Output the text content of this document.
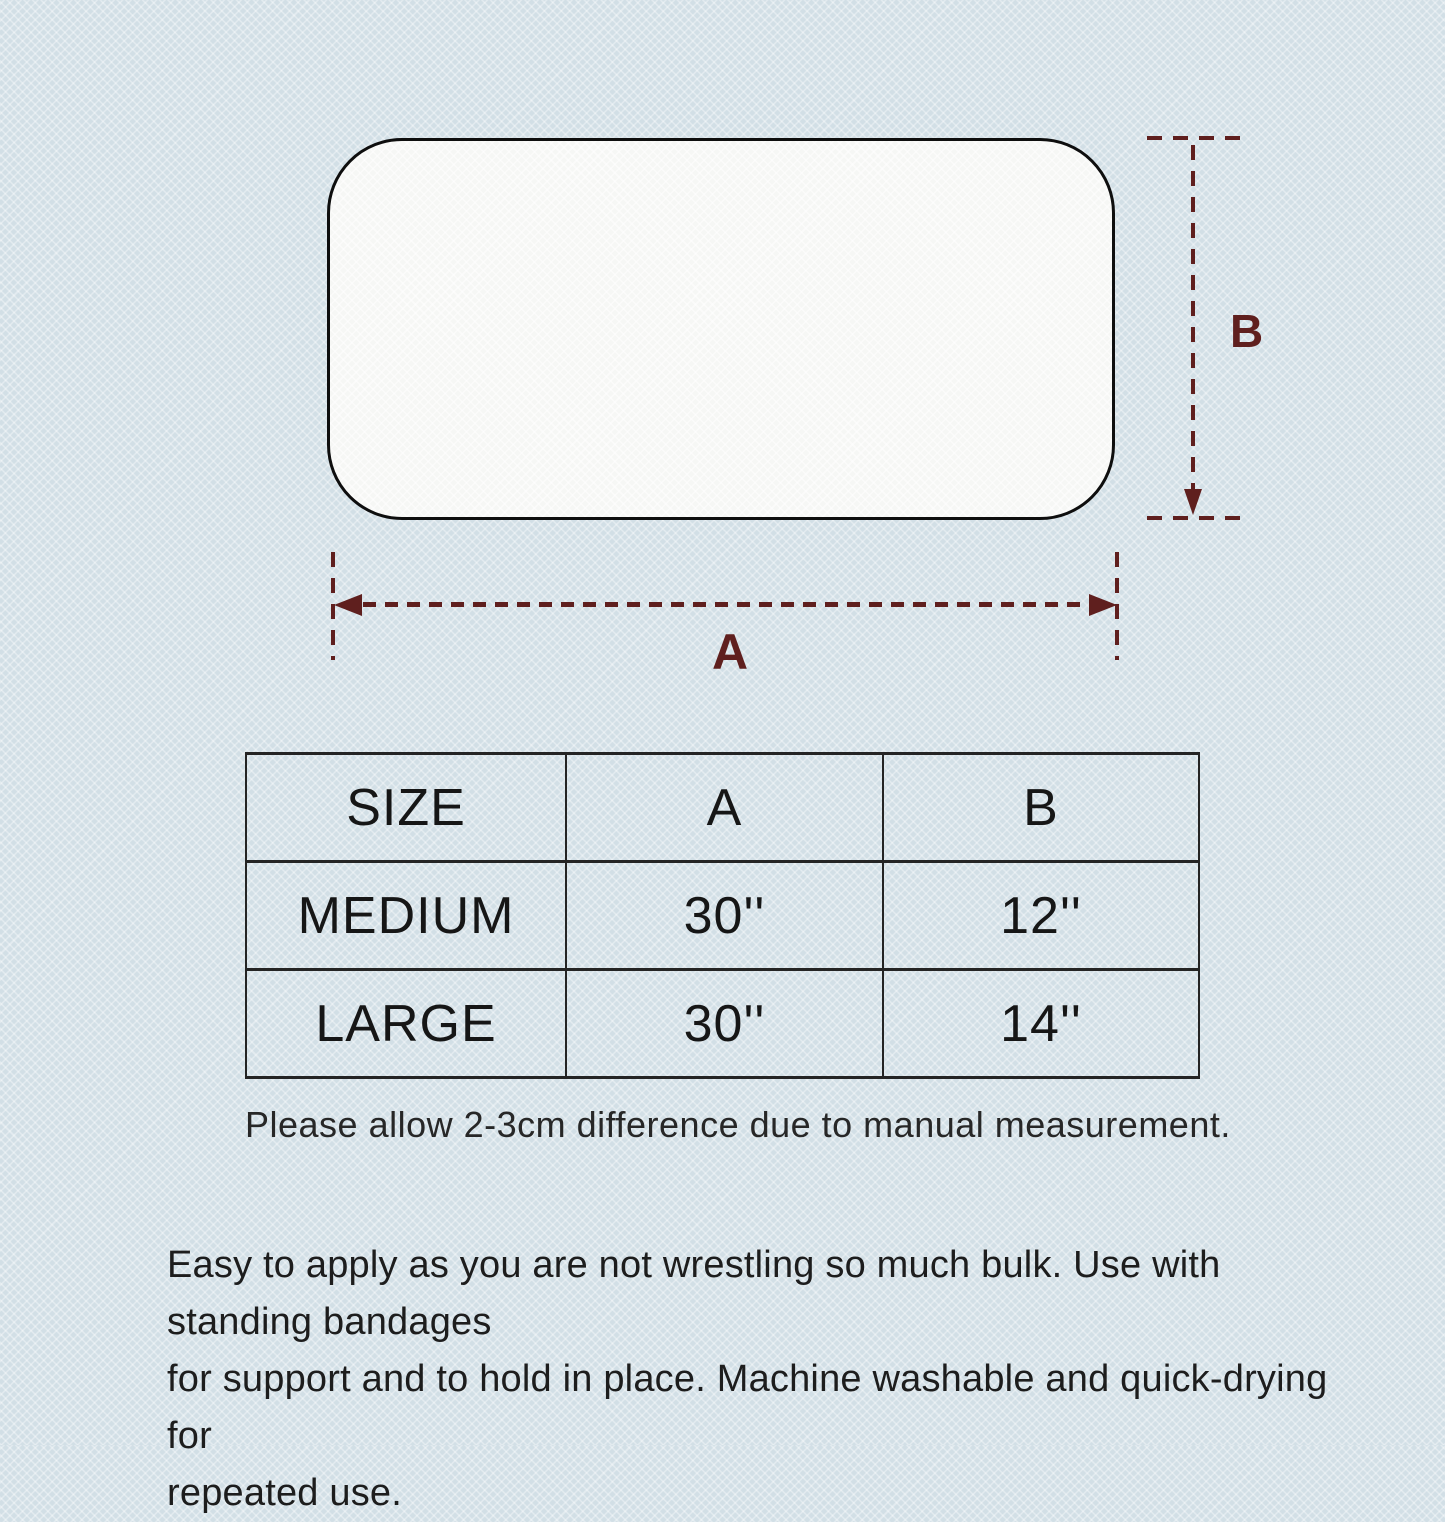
B
A
SIZE	A	B
MEDIUM	30''	12''
LARGE	30''	14''
Please allow 2-3cm difference due to manual measurement.
Easy to apply as you are not wrestling so much bulk. Use with standing bandages
for support and to hold in place. Machine washable and quick-drying for
repeated use.
